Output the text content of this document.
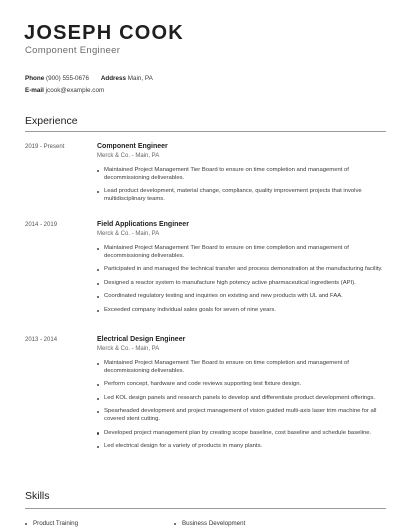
JOSEPH COOK
Component Engineer
Phone (900) 555-0676 Address Main, PA
E-mail jcook@example.com
Experience
2019 - Present	Component Engineer
Merck & Co. - Main, PA
Maintained Project Management Tier Board to ensure on time completion and management of decommissioning deliverables.
Lead product development, material change, compliance, quality improvement projects that involve multidisciplinary teams.
2014 - 2019	Field Applications Engineer
Merck & Co. - Main, PA
Maintained Project Management Tier Board to ensure on time completion and management of decommissioning deliverables.
Participated in and managed the technical transfer and process demonstration at the manufacturing facility.
Designed a reactor system to manufacture high potency active pharmaceutical ingredients (API).
Coordinated regulatory testing and inquiries on existing and new products with UL and FAA.
Exceeded company individual sales goals for seven of nine years.
2013 - 2014	Electrical Design Engineer
Merck & Co. - Main, PA
Maintained Project Management Tier Board to ensure on time completion and management of decommissioning deliverables.
Perform concept, hardware and code reviews supporting test fixture design.
Led KOL design panels and research panels to develop and differentiate product development offerings.
Spearheaded development and project management of vision guided multi-axis laser trim machine for all covered stent cutting.
Developed project management plan by creating scope baseline, cost baseline and schedule baseline.
Led electrical design for a variety of products in many plants.
Skills
Product Training	Business Development
